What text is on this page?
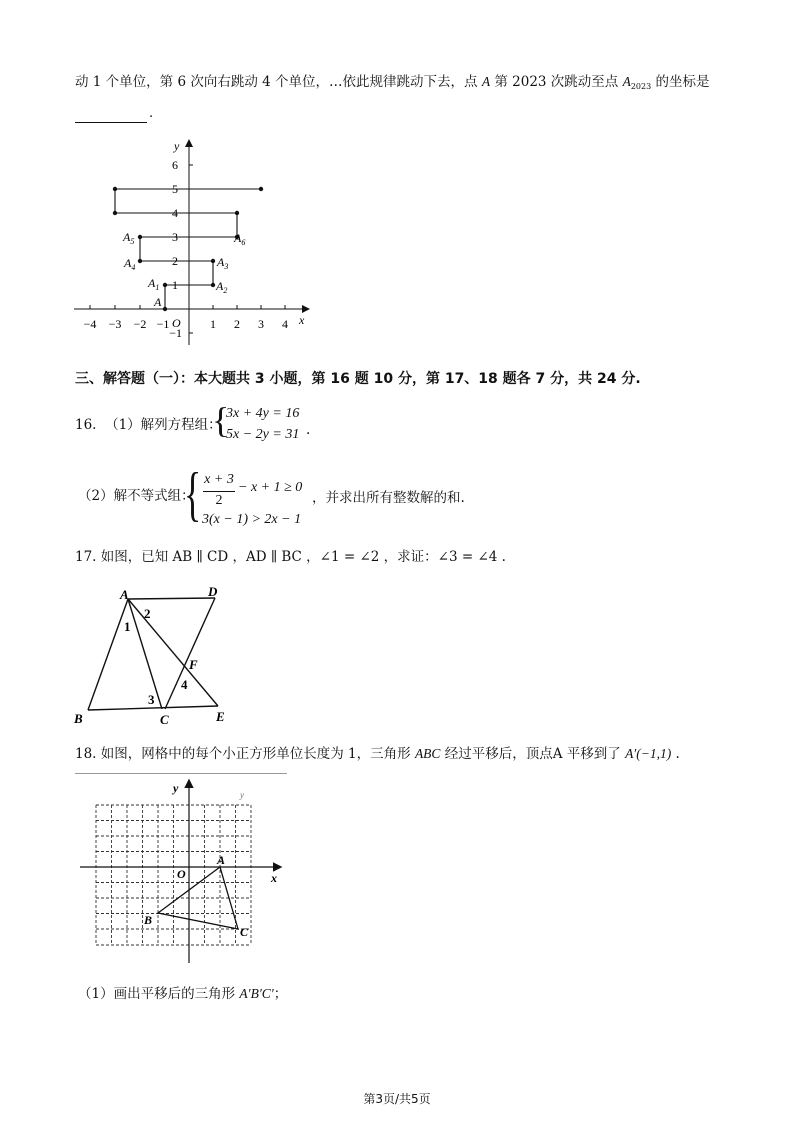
动 1 个单位，第 6 次向右跳动 4 个单位，…依此规律跳动下去，点 A 第 2023 次跳动至点 $A_{2023}$ 的坐标是
.
y
x
O
−4 −3 −2 −1	1 2 3 4
6
5
4
3
2
1
−1
A
$A_1$	$A_2$
$A_3$
$A_4$
$A_5$	$A_6$
三、解答题（一）：本大题共 3 小题，第 16 题 10 分，第 17、18 题各 7 分，共 24 分.
16. （1）解列方程组：
{
3x + 4y = 16
5x − 2y = 31 .
（2）解不等式组：
{ x + 3
2
− x + 1 ≥ 0
3(x − 1) > 2x − 1
，并求出所有整数解的和.
17. 如图，已知 AB ∥ CD ，AD ∥ BC ，∠1 = ∠2 ，求证：∠3 = ∠4 .
A	D
1
2
F
4
3
B	C	E
18. 如图，网格中的每个小正方形单位长度为 1，三角形 ABC 经过平移后，顶点A 平移到了 A′(−1,1) .
y
x
O
A
B
C
y
（1）画出平移后的三角形 A′B′C′；
第3页/共5页
